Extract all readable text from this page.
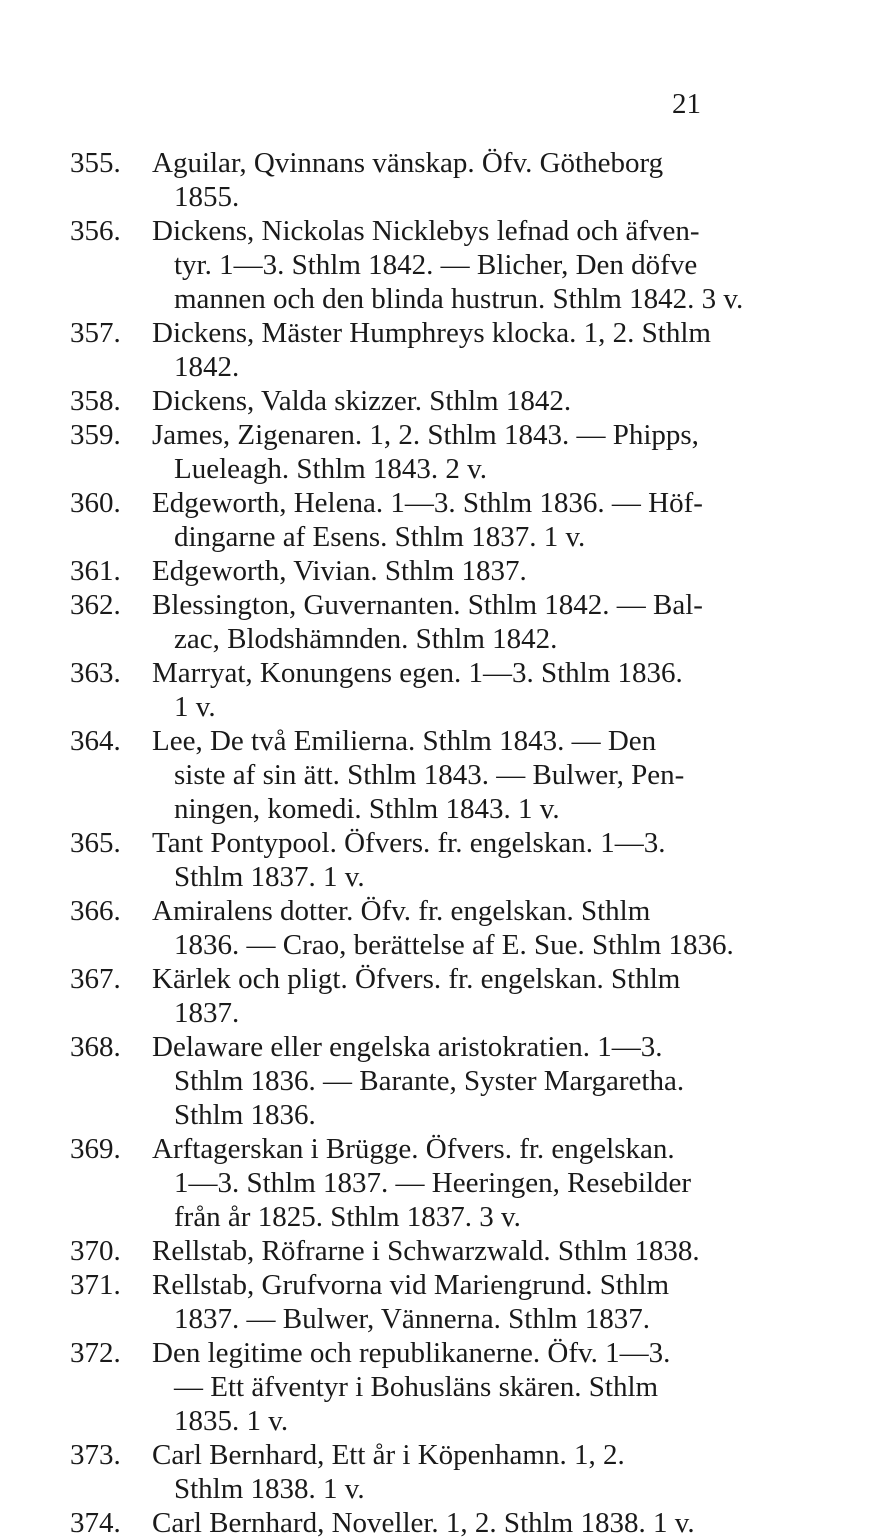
21
355.	Aguilar, Qvinnans vänskap. Öfv. Götheborg
1855.
356.	Dickens, Nickolas Nicklebys lefnad och äfven-
tyr. 1—3. Sthlm 1842. — Blicher, Den döfve
mannen och den blinda hustrun. Sthlm 1842. 3 v.
357.	Dickens, Mäster Humphreys klocka. 1, 2. Sthlm
1842.
358.	Dickens, Valda skizzer. Sthlm 1842.
359.	James, Zigenaren. 1, 2. Sthlm 1843. — Phipps,
Lueleagh. Sthlm 1843. 2 v.
360.	Edgeworth, Helena. 1—3. Sthlm 1836. — Höf-
dingarne af Esens. Sthlm 1837. 1 v.
361.	Edgeworth, Vivian. Sthlm 1837.
362.	Blessington, Guvernanten. Sthlm 1842. — Bal-
zac, Blodshämnden. Sthlm 1842.
363.	Marryat, Konungens egen. 1—3. Sthlm 1836.
1 v.
364.	Lee, De två Emilierna. Sthlm 1843. — Den
siste af sin ätt. Sthlm 1843. — Bulwer, Pen-
ningen, komedi. Sthlm 1843. 1 v.
365.	Tant Pontypool. Öfvers. fr. engelskan. 1—3.
Sthlm 1837. 1 v.
366.	Amiralens dotter. Öfv. fr. engelskan. Sthlm
1836. — Crao, berättelse af E. Sue. Sthlm 1836.
367.	Kärlek och pligt. Öfvers. fr. engelskan. Sthlm
1837.
368.	Delaware eller engelska aristokratien. 1—3.
Sthlm 1836. — Barante, Syster Margaretha.
Sthlm 1836.
369.	Arftagerskan i Brügge. Öfvers. fr. engelskan.
1—3. Sthlm 1837. — Heeringen, Resebilder
från år 1825. Sthlm 1837. 3 v.
370.	Rellstab, Röfrarne i Schwarzwald. Sthlm 1838.
371.	Rellstab, Grufvorna vid Mariengrund. Sthlm
1837. — Bulwer, Vännerna. Sthlm 1837.
372.	Den legitime och republikanerne. Öfv. 1—3.
— Ett äfventyr i Bohusläns skären. Sthlm
1835. 1 v.
373.	Carl Bernhard, Ett år i Köpenhamn. 1, 2.
Sthlm 1838. 1 v.
374.	Carl Bernhard, Noveller. 1, 2. Sthlm 1838. 1 v.
